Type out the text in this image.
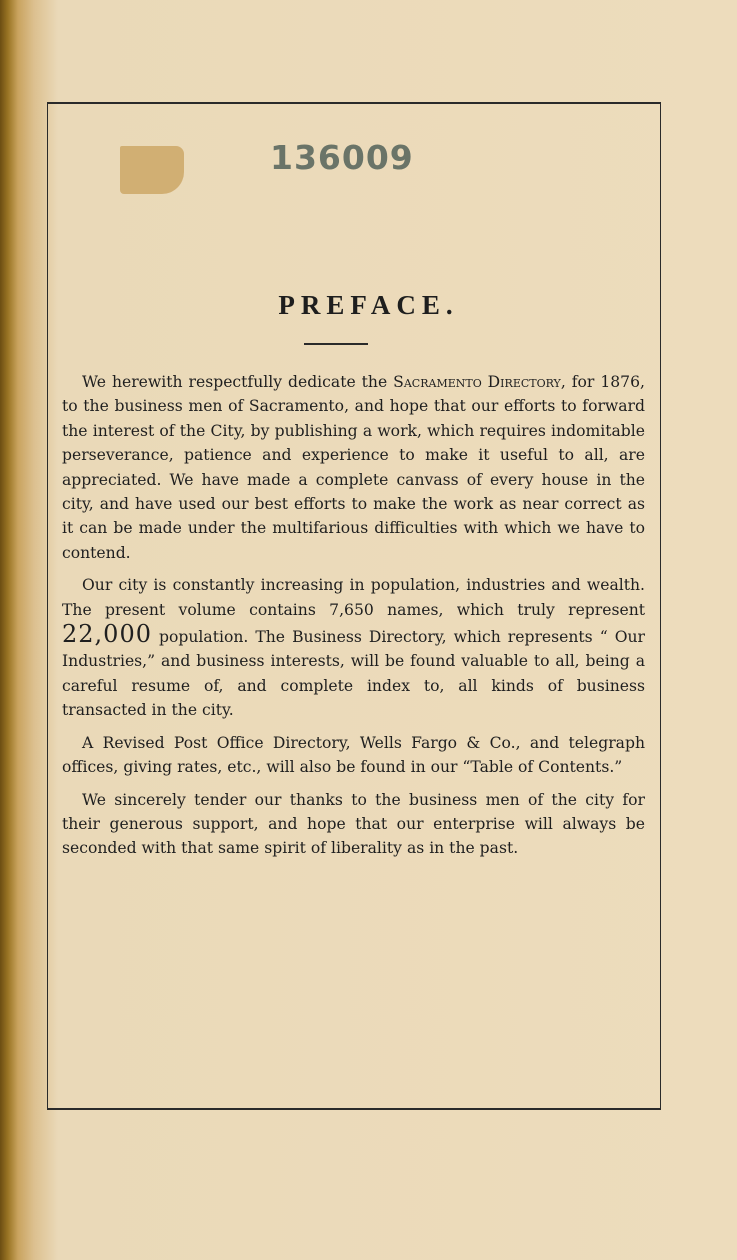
136009
PREFACE.

We herewith respectfully dedicate the Sacramento Directory, for 1876, to the business men of Sacramento, and hope that our efforts to forward the interest of the City, by publishing a work, which requires indomitable perseverance, patience and experience to make it useful to all, are appreciated. We have made a complete canvass of every house in the city, and have used our best efforts to make the work as near correct as it can be made under the multifarious difficulties with which we have to contend.

Our city is constantly increasing in population, industries and wealth. The present volume contains 7,650 names, which truly represent 22,000 population. The Business Directory, which represents “ Our Industries,” and business interests, will be found valuable to all, being a careful resume of, and complete index to, all kinds of business transacted in the city.

A Revised Post Office Directory, Wells Fargo & Co., and telegraph offices, giving rates, etc., will also be found in our “Table of Contents.”

We sincerely tender our thanks to the business men of the city for their generous support, and hope that our enterprise will always be seconded with that same spirit of liberality as in the past.
